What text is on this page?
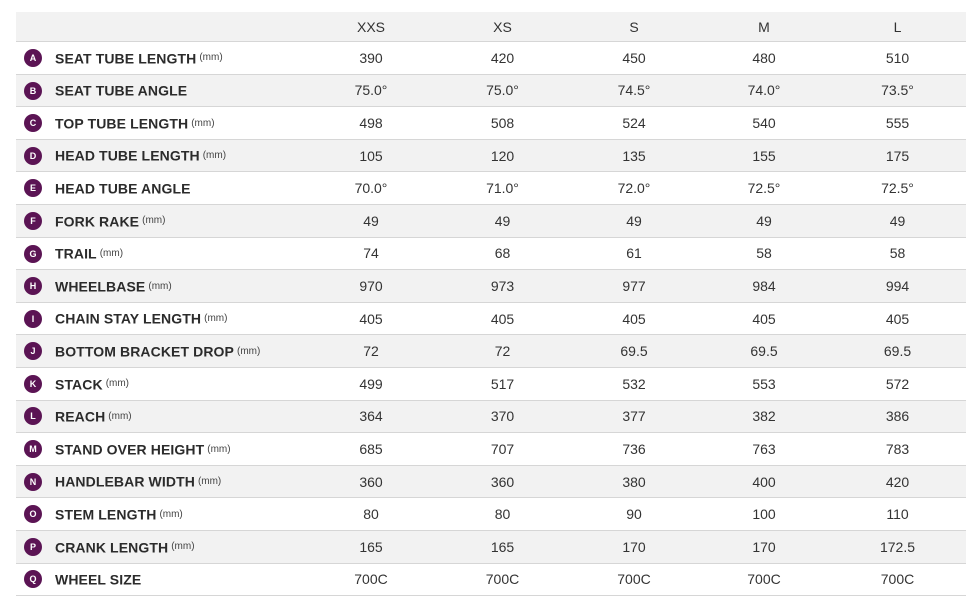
	XXS	XS	S	M	L
A SEAT TUBE LENGTH (mm)	390	420	450	480	510
B SEAT TUBE ANGLE	75.0°	75.0°	74.5°	74.0°	73.5°
C TOP TUBE LENGTH (mm)	498	508	524	540	555
D HEAD TUBE LENGTH (mm)	105	120	135	155	175
E HEAD TUBE ANGLE	70.0°	71.0°	72.0°	72.5°	72.5°
F FORK RAKE (mm)	49	49	49	49	49
G TRAIL (mm)	74	68	61	58	58
H WHEELBASE (mm)	970	973	977	984	994
I CHAIN STAY LENGTH (mm)	405	405	405	405	405
J BOTTOM BRACKET DROP (mm)	72	72	69.5	69.5	69.5
K STACK (mm)	499	517	532	553	572
L REACH (mm)	364	370	377	382	386
M STAND OVER HEIGHT (mm)	685	707	736	763	783
N HANDLEBAR WIDTH (mm)	360	360	380	400	420
O STEM LENGTH (mm)	80	80	90	100	110
P CRANK LENGTH (mm)	165	165	170	170	172.5
Q WHEEL SIZE	700C	700C	700C	700C	700C
